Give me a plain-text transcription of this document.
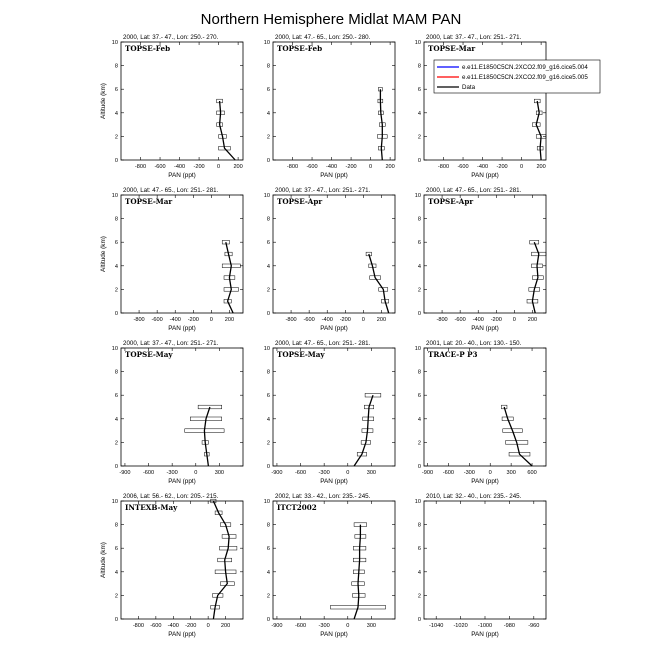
Northern Hemisphere Midlat MAM PAN
2000, Lat: 37.- 47., Lon: 250.- 270.
-800 -600 -400 -200 0 200
0
2
4
6
8
10
PAN (ppt)
Altitude (km)
TOPSE-Feb
2000, Lat: 47.- 65., Lon: 250.- 280.
-800 -600 -400 -200 0 200
0
2
4
6
8
10
PAN (ppt)
TOPSE-Feb
2000, Lat: 37.- 47., Lon: 251.- 271.
-800 -600 -400 -200 0 200
0
2
4
6
8
10
PAN (ppt)
TOPSE-Mar
e.e11.E1850C5CN.2XCO2.f09_g16.cice5.004
e.e11.E1850C5CN.2XCO2.f09_g16.cice5.005
Data
2000, Lat: 47.- 65., Lon: 251.- 281.
-800 -600 -400 -200 0 200
0
2
4
6
8
10
PAN (ppt)
Altitude (km)
TOPSE-Mar
2000, Lat: 37.- 47., Lon: 251.- 271.
-800 -600 -400 -200 0 200
0
2
4
6
8
10
PAN (ppt)
TOPSE-Apr
2000, Lat: 47.- 65., Lon: 251.- 281.
-800 -600 -400 -200 0 200
0
2
4
6
8
10
PAN (ppt)
TOPSE-Apr
2000, Lat: 37.- 47., Lon: 251.- 271.
-900 -600 -300	0	300
0
2
4
6
8
10
PAN (ppt)
TOPSE-May
2000, Lat: 47.- 65., Lon: 251.- 281.
-900 -600 -300	0	300
0
2
4
6
8
10
PAN (ppt)
TOPSE-May
2001, Lat: 20.- 40., Lon: 130.- 150.
-900 -600 -300 0	300 600
0
2
4
6
8
10
PAN (ppt)
TRACE-P P3
2006, Lat: 56.- 62., Lon: 205.- 215.
-800 -600 -400 -200 0 200
0
2
4
6
8
10
PAN (ppt)
Altitude (km)
INTEXB-May
2002, Lat: 33.- 42., Lon: 235.- 245.
-900 -600 -300	0	300
0
2
4
6
8
10
PAN (ppt)
ITCT2002
2010, Lat: 32.- 40., Lon: 235.- 245.
-1040 -1020 -1000 -980 -960
0
2
4
6
8
10
PAN (ppt)
